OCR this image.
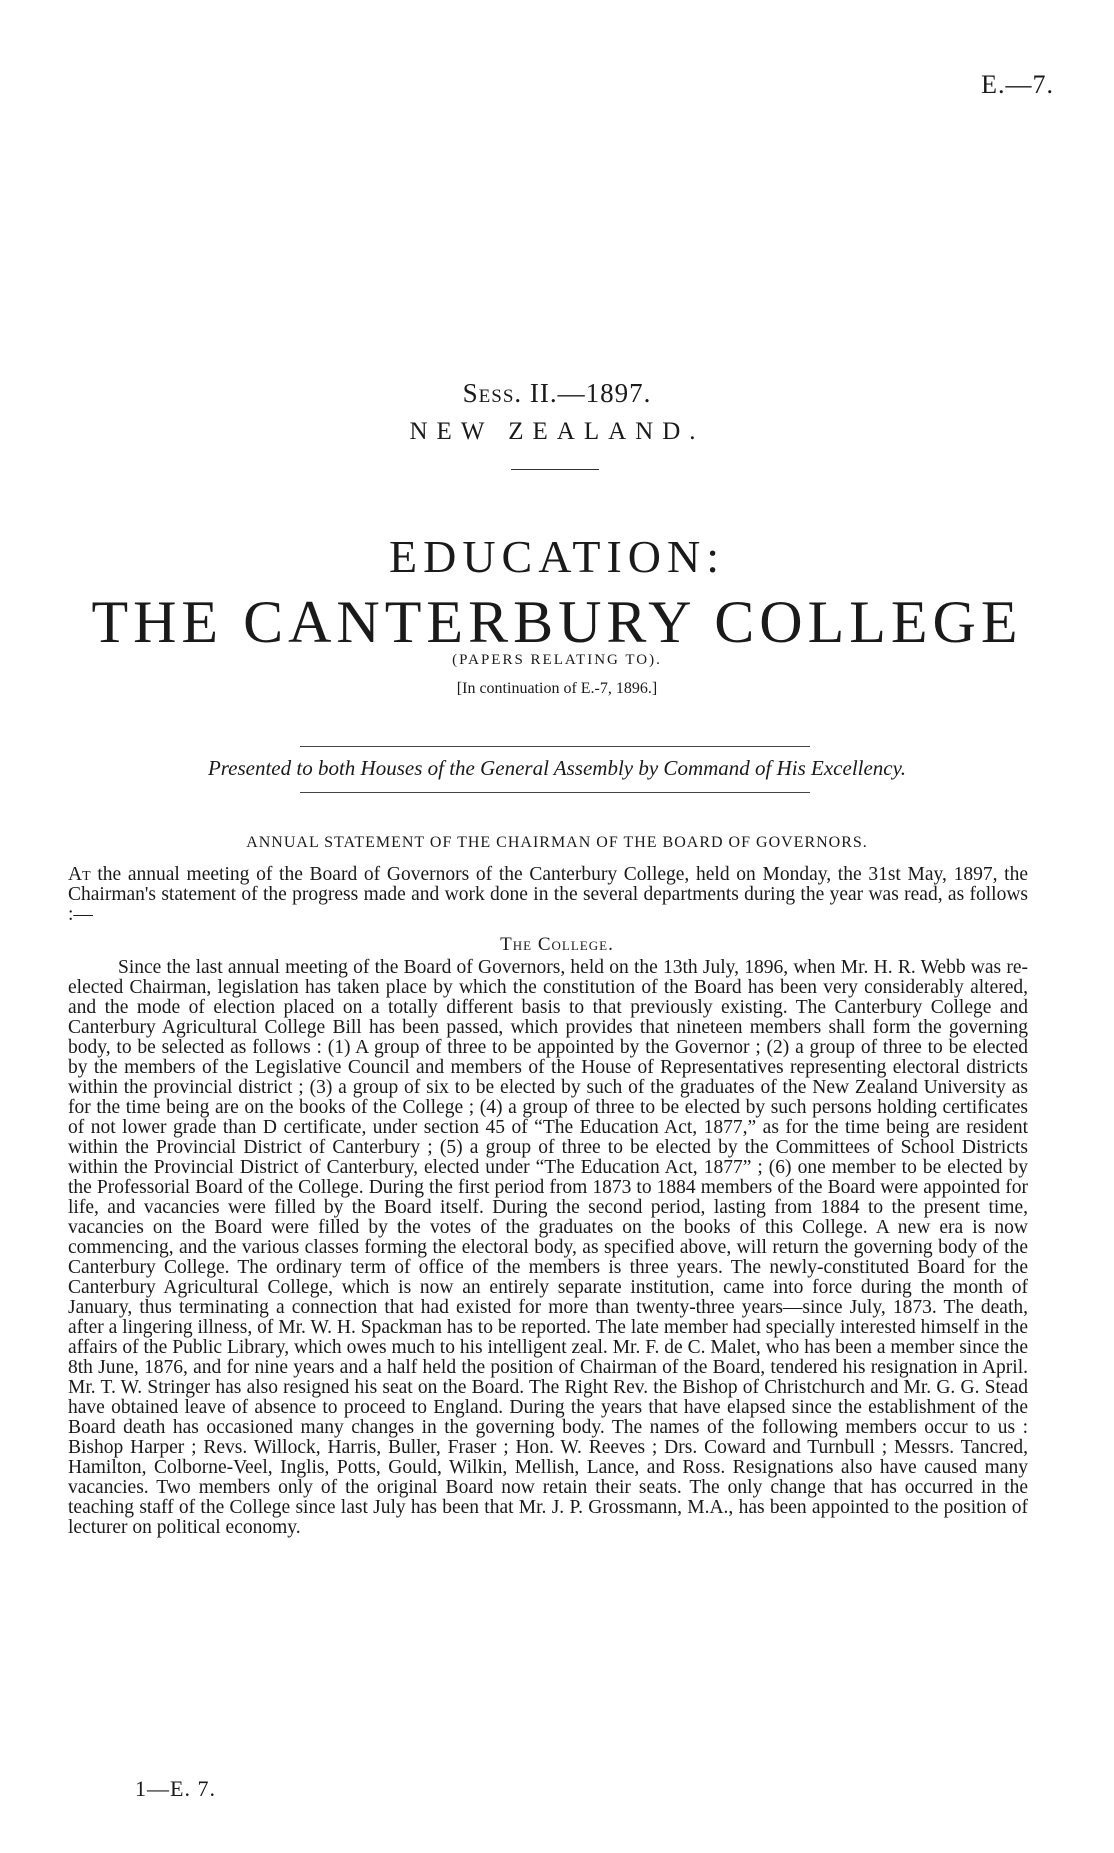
E.—7.
Sess. II.—1897.
NEW ZEALAND.
EDUCATION:
THE CANTERBURY COLLEGE
(PAPERS RELATING TO).
[In continuation of E.-7, 1896.]
Presented to both Houses of the General Assembly by Command of His Excellency.
ANNUAL STATEMENT OF THE CHAIRMAN OF THE BOARD OF GOVERNORS.

At the annual meeting of the Board of Governors of the Canterbury College, held on Monday, the 31st May, 1897, the Chairman's statement of the progress made and work done in the several departments during the year was read, as follows :—

The College.

Since the last annual meeting of the Board of Governors, held on the 13th July, 1896, when Mr. H. R. Webb was re-elected Chairman, legislation has taken place by which the constitution of the Board has been very considerably altered, and the mode of election placed on a totally different basis to that previously existing. The Canterbury College and Canterbury Agricultural College Bill has been passed, which provides that nineteen members shall form the governing body, to be selected as follows : (1) A group of three to be appointed by the Governor ; (2) a group of three to be elected by the members of the Legislative Council and members of the House of Representatives representing electoral districts within the provincial district ; (3) a group of six to be elected by such of the graduates of the New Zealand University as for the time being are on the books of the College ; (4) a group of three to be elected by such persons holding certificates of not lower grade than D certificate, under section 45 of “The Education Act, 1877,” as for the time being are resident within the Provincial District of Canterbury ; (5) a group of three to be elected by the Committees of School Districts within the Provincial District of Canterbury, elected under “The Education Act, 1877” ; (6) one member to be elected by the Professorial Board of the College. During the first period from 1873 to 1884 members of the Board were appointed for life, and vacancies were filled by the Board itself. During the second period, lasting from 1884 to the present time, vacancies on the Board were filled by the votes of the graduates on the books of this College. A new era is now commencing, and the various classes forming the electoral body, as specified above, will return the governing body of the Canterbury College. The ordinary term of office of the members is three years. The newly-constituted Board for the Canterbury Agricultural College, which is now an entirely separate institution, came into force during the month of January, thus terminating a connection that had existed for more than twenty-three years—since July, 1873. The death, after a lingering illness, of Mr. W. H. Spackman has to be reported. The late member had specially interested himself in the affairs of the Public Library, which owes much to his intelligent zeal. Mr. F. de C. Malet, who has been a member since the 8th June, 1876, and for nine years and a half held the position of Chairman of the Board, tendered his resignation in April. Mr. T. W. Stringer has also resigned his seat on the Board. The Right Rev. the Bishop of Christchurch and Mr. G. G. Stead have obtained leave of absence to proceed to England. During the years that have elapsed since the establishment of the Board death has occasioned many changes in the governing body. The names of the following members occur to us : Bishop Harper ; Revs. Willock, Harris, Buller, Fraser ; Hon. W. Reeves ; Drs. Coward and Turnbull ; Messrs. Tancred, Hamilton, Colborne-Veel, Inglis, Potts, Gould, Wilkin, Mellish, Lance, and Ross. Resignations also have caused many vacancies. Two members only of the original Board now retain their seats. The only change that has occurred in the teaching staff of the College since last July has been that Mr. J. P. Grossmann, M.A., has been appointed to the position of lecturer on political economy.

1—E. 7.
